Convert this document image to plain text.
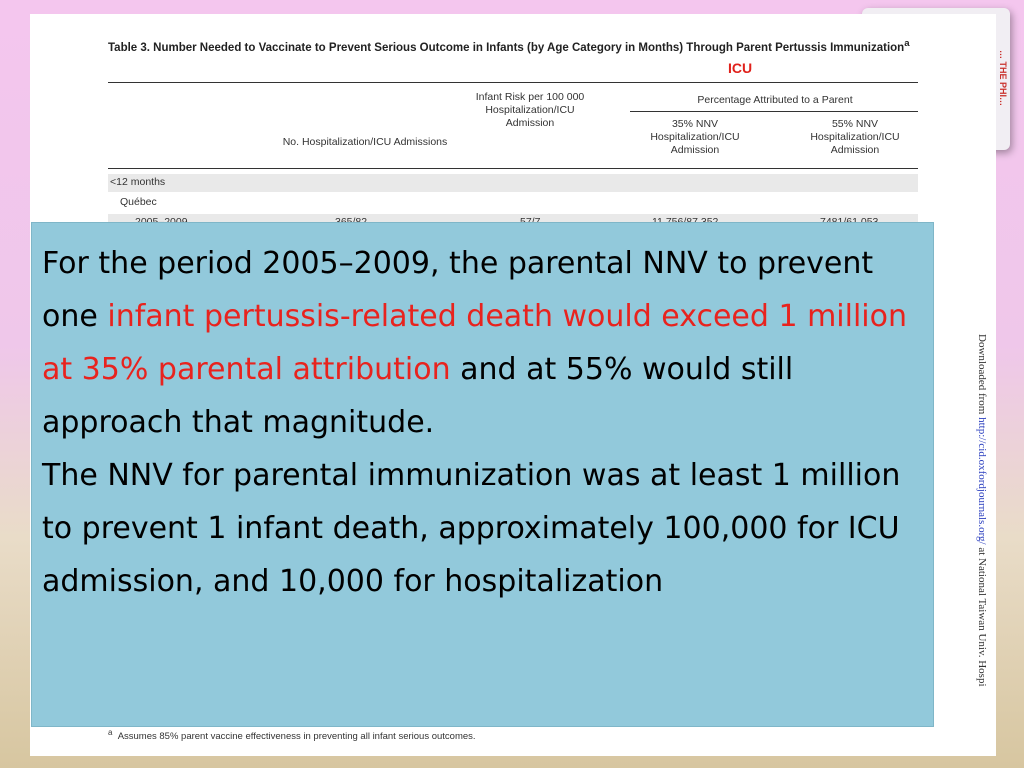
… THE PHI…
Table 3. Number Needed to Vaccinate to Prevent Serious Outcome in Infants (by Age Category in Months) Through Parent Pertussis Immunization$^a$
ICU
Percentage Attributed to a Parent
No. Hospitalization/ICU Admissions
Infant Risk per 100 000 Hospitalization/ICU Admission	35% NNV Hospitalization/ICU Admission
55% NNV Hospitalization/ICU Admission
<12 months
Québec
Downloaded from http://cid.oxfordjournals.org/ at National Taiwan Univ. Hospi
$^a$ Assumes 85% parent vaccine effectiveness in preventing all infant serious outcomes.

For the period 2005–2009, the parental NNV to prevent one infant pertussis-related death would exceed 1 million at 35% parental attribution and at 55% would still approach that magnitude.

The NNV for parental immunization was at least 1 million to prevent 1 infant death, approximately 100,000 for ICU admission, and 10,000 for hospitalization
